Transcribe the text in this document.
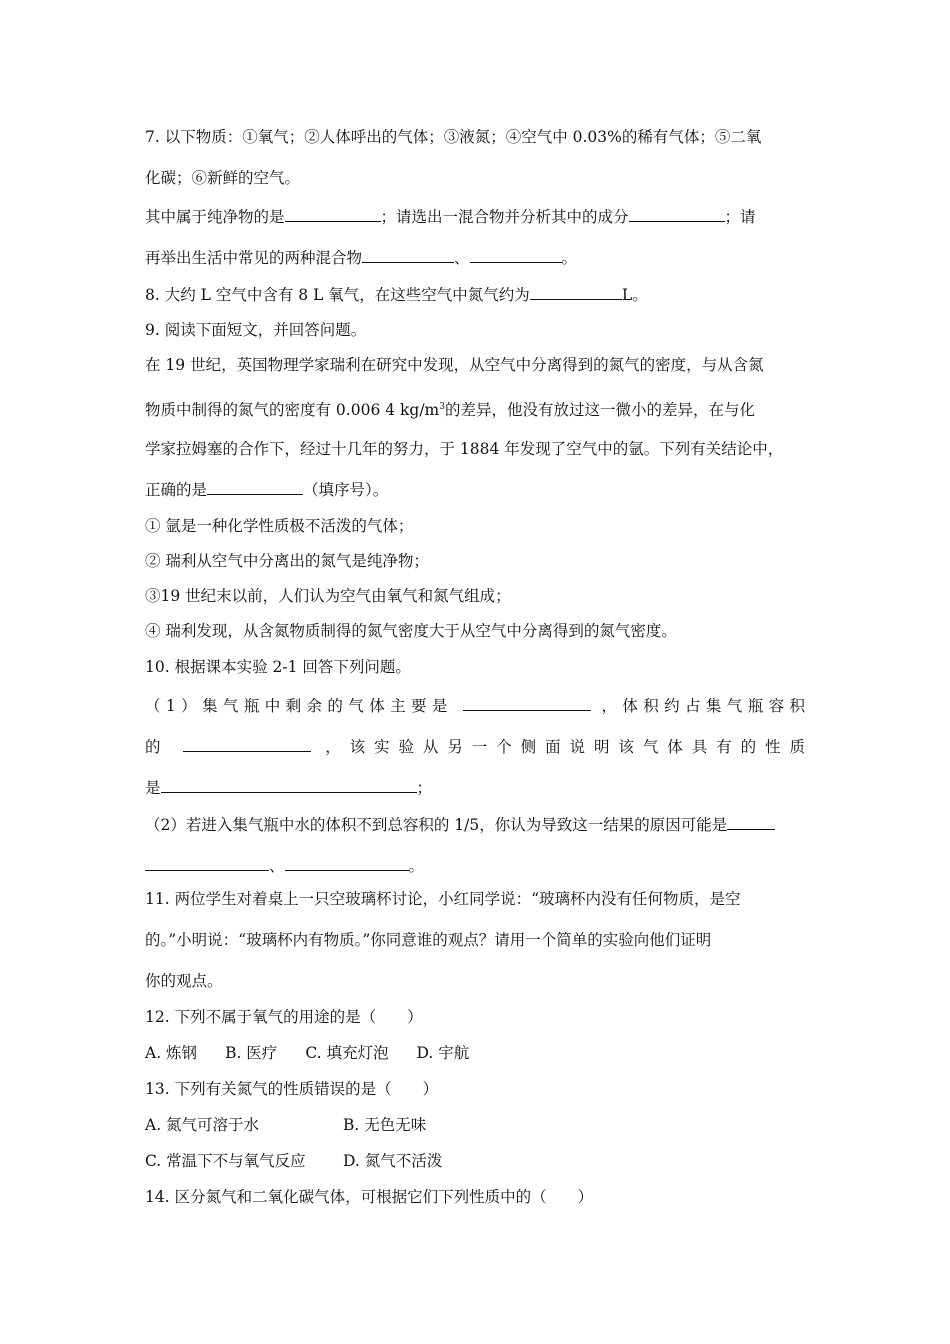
7. 以下物质：①氧气；②人体呼出的气体；③液氮；④空气中 0.03%的稀有气体；⑤二氧
化碳；⑥新鲜的空气。
其中属于纯净物的是	；请选出一混合物并分析其中的成分	；请
再举出生活中常见的两种混合物	、	。
8. 大约 L 空气中含有 8 L 氧气，在这些空气中氮气约为	L。
9. 阅读下面短文，并回答问题。
在 19 世纪，英国物理学家瑞利在研究中发现，从空气中分离得到的氮气的密度，与从含氮
物质中制得的氮气的密度有 0.006 4 $kg/m^3$的差异，他没有放过这一微小的差异，在与化
学家拉姆塞的合作下，经过十几年的努力，于 1884 年发现了空气中的氩。下列有关结论中，
正确的是	（填序号）。
① 氩是一种化学性质极不活泼的气体；
② 瑞利从空气中分离出的氮气是纯净物；
③19 世纪末以前，人们认为空气由氧气和氮气组成；
④ 瑞利发现，从含氮物质制得的氮气密度大于从空气中分离得到的氮气密度。
10. 根据课本实验 2-1 回答下列问题。
（1）集气瓶中剩余的气体主要是	，体积约占集气瓶容积
的	，该实验从另一个侧面说明该气体具有的性质
是	；
（2）若进入集气瓶中水的体积不到总容积的 1/5，你认为导致这一结果的原因可能是
、	。
11. 两位学生对着桌上一只空玻璃杯讨论，小红同学说：“玻璃杯内没有任何物质，是空
的。”小明说：“玻璃杯内有物质。”你同意谁的观点？请用一个简单的实验向他们证明
你的观点。
12. 下列不属于氧气的用途的是（　　）
A. 炼钢 B. 医疗 C. 填充灯泡 D. 宇航
13. 下列有关氮气的性质错误的是（　　）
A. 氮气可溶于水	B. 无色无味
C. 常温下不与氧气反应 D. 氮气不活泼
14. 区分氮气和二氧化碳气体，可根据它们下列性质中的（　　）
